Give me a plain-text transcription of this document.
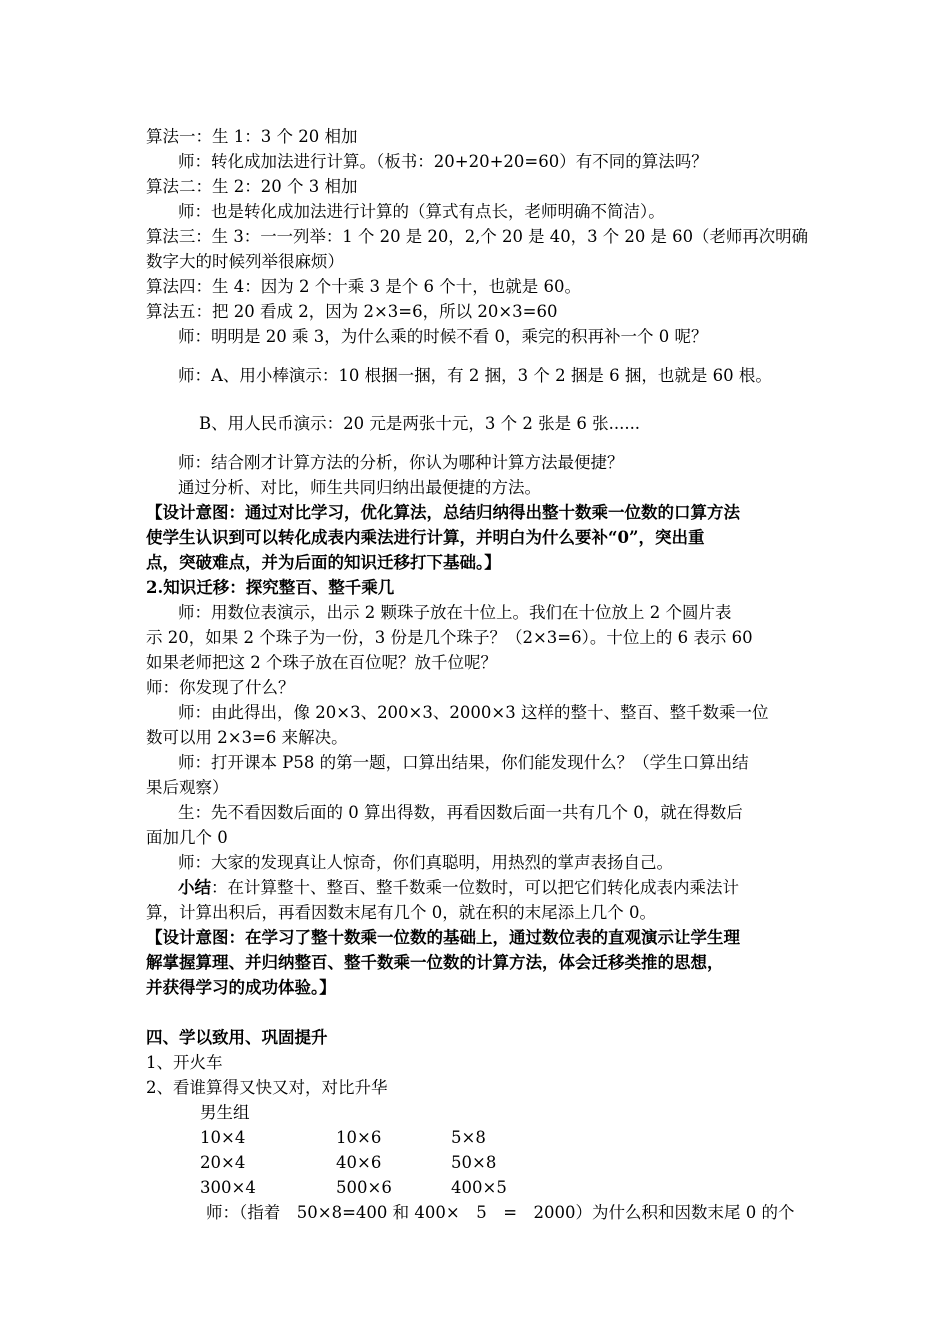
算法一：生 1：3 个 20 相加
师：转化成加法进行计算。（板书：20+20+20=60）有不同的算法吗？
算法二：生 2：20 个 3 相加
师：也是转化成加法进行计算的（算式有点长，老师明确不简洁）。
算法三：生 3：一一列举：1 个 20 是 20，2,个 20 是 40，3 个 20 是 60（老师再次明确
数字大的时候列举很麻烦）
算法四：生 4：因为 2 个十乘 3 是个 6 个十，也就是 60。
算法五：把 20 看成 2，因为 2×3=6，所以 20×3=60
师：明明是 20 乘 3，为什么乘的时候不看 0，乘完的积再补一个 0 呢？
师：A、用小棒演示：10 根捆一捆，有 2 捆，3 个 2 捆是 6 捆，也就是 60 根。
B、用人民币演示：20 元是两张十元，3 个 2 张是 6 张......
师：结合刚才计算方法的分析，你认为哪种计算方法最便捷？
通过分析、对比，师生共同归纳出最便捷的方法。
【设计意图：通过对比学习，优化算法，总结归纳得出整十数乘一位数的口算方法
使学生认识到可以转化成表内乘法进行计算，并明白为什么要补“0”，突出重
点，突破难点，并为后面的知识迁移打下基础。】
2.知识迁移：探究整百、整千乘几
师：用数位表演示，出示 2 颗珠子放在十位上。我们在十位放上 2 个圆片表
示 20，如果 2 个珠子为一份，3 份是几个珠子？（2×3=6）。十位上的 6 表示 60
如果老师把这 2 个珠子放在百位呢？放千位呢？
师：你发现了什么？
师：由此得出，像 20×3、200×3、2000×3 这样的整十、整百、整千数乘一位
数可以用 2×3=6 来解决。
师：打开课本 P58 的第一题，口算出结果，你们能发现什么？（学生口算出结
果后观察）
生：先不看因数后面的 0 算出得数，再看因数后面一共有几个 0，就在得数后
面加几个 0
师：大家的发现真让人惊奇，你们真聪明，用热烈的掌声表扬自己。
小结：在计算整十、整百、整千数乘一位数时，可以把它们转化成表内乘法计
算，计算出积后，再看因数末尾有几个 0，就在积的末尾添上几个 0。
【设计意图：在学习了整十数乘一位数的基础上，通过数位表的直观演示让学生理
解掌握算理、并归纳整百、整千数乘一位数的计算方法，体会迁移类推的思想，
并获得学习的成功体验。】
四、学以致用、巩固提升
1、开火车
2、看谁算得又快又对，对比升华
男生组
10×4	10×6	5×8
20×4	40×6	50×8
300×4	500×6	400×5
师：（指着　50×8=400 和 400×　5　=　2000）为什么积和因数末尾 0 的个
